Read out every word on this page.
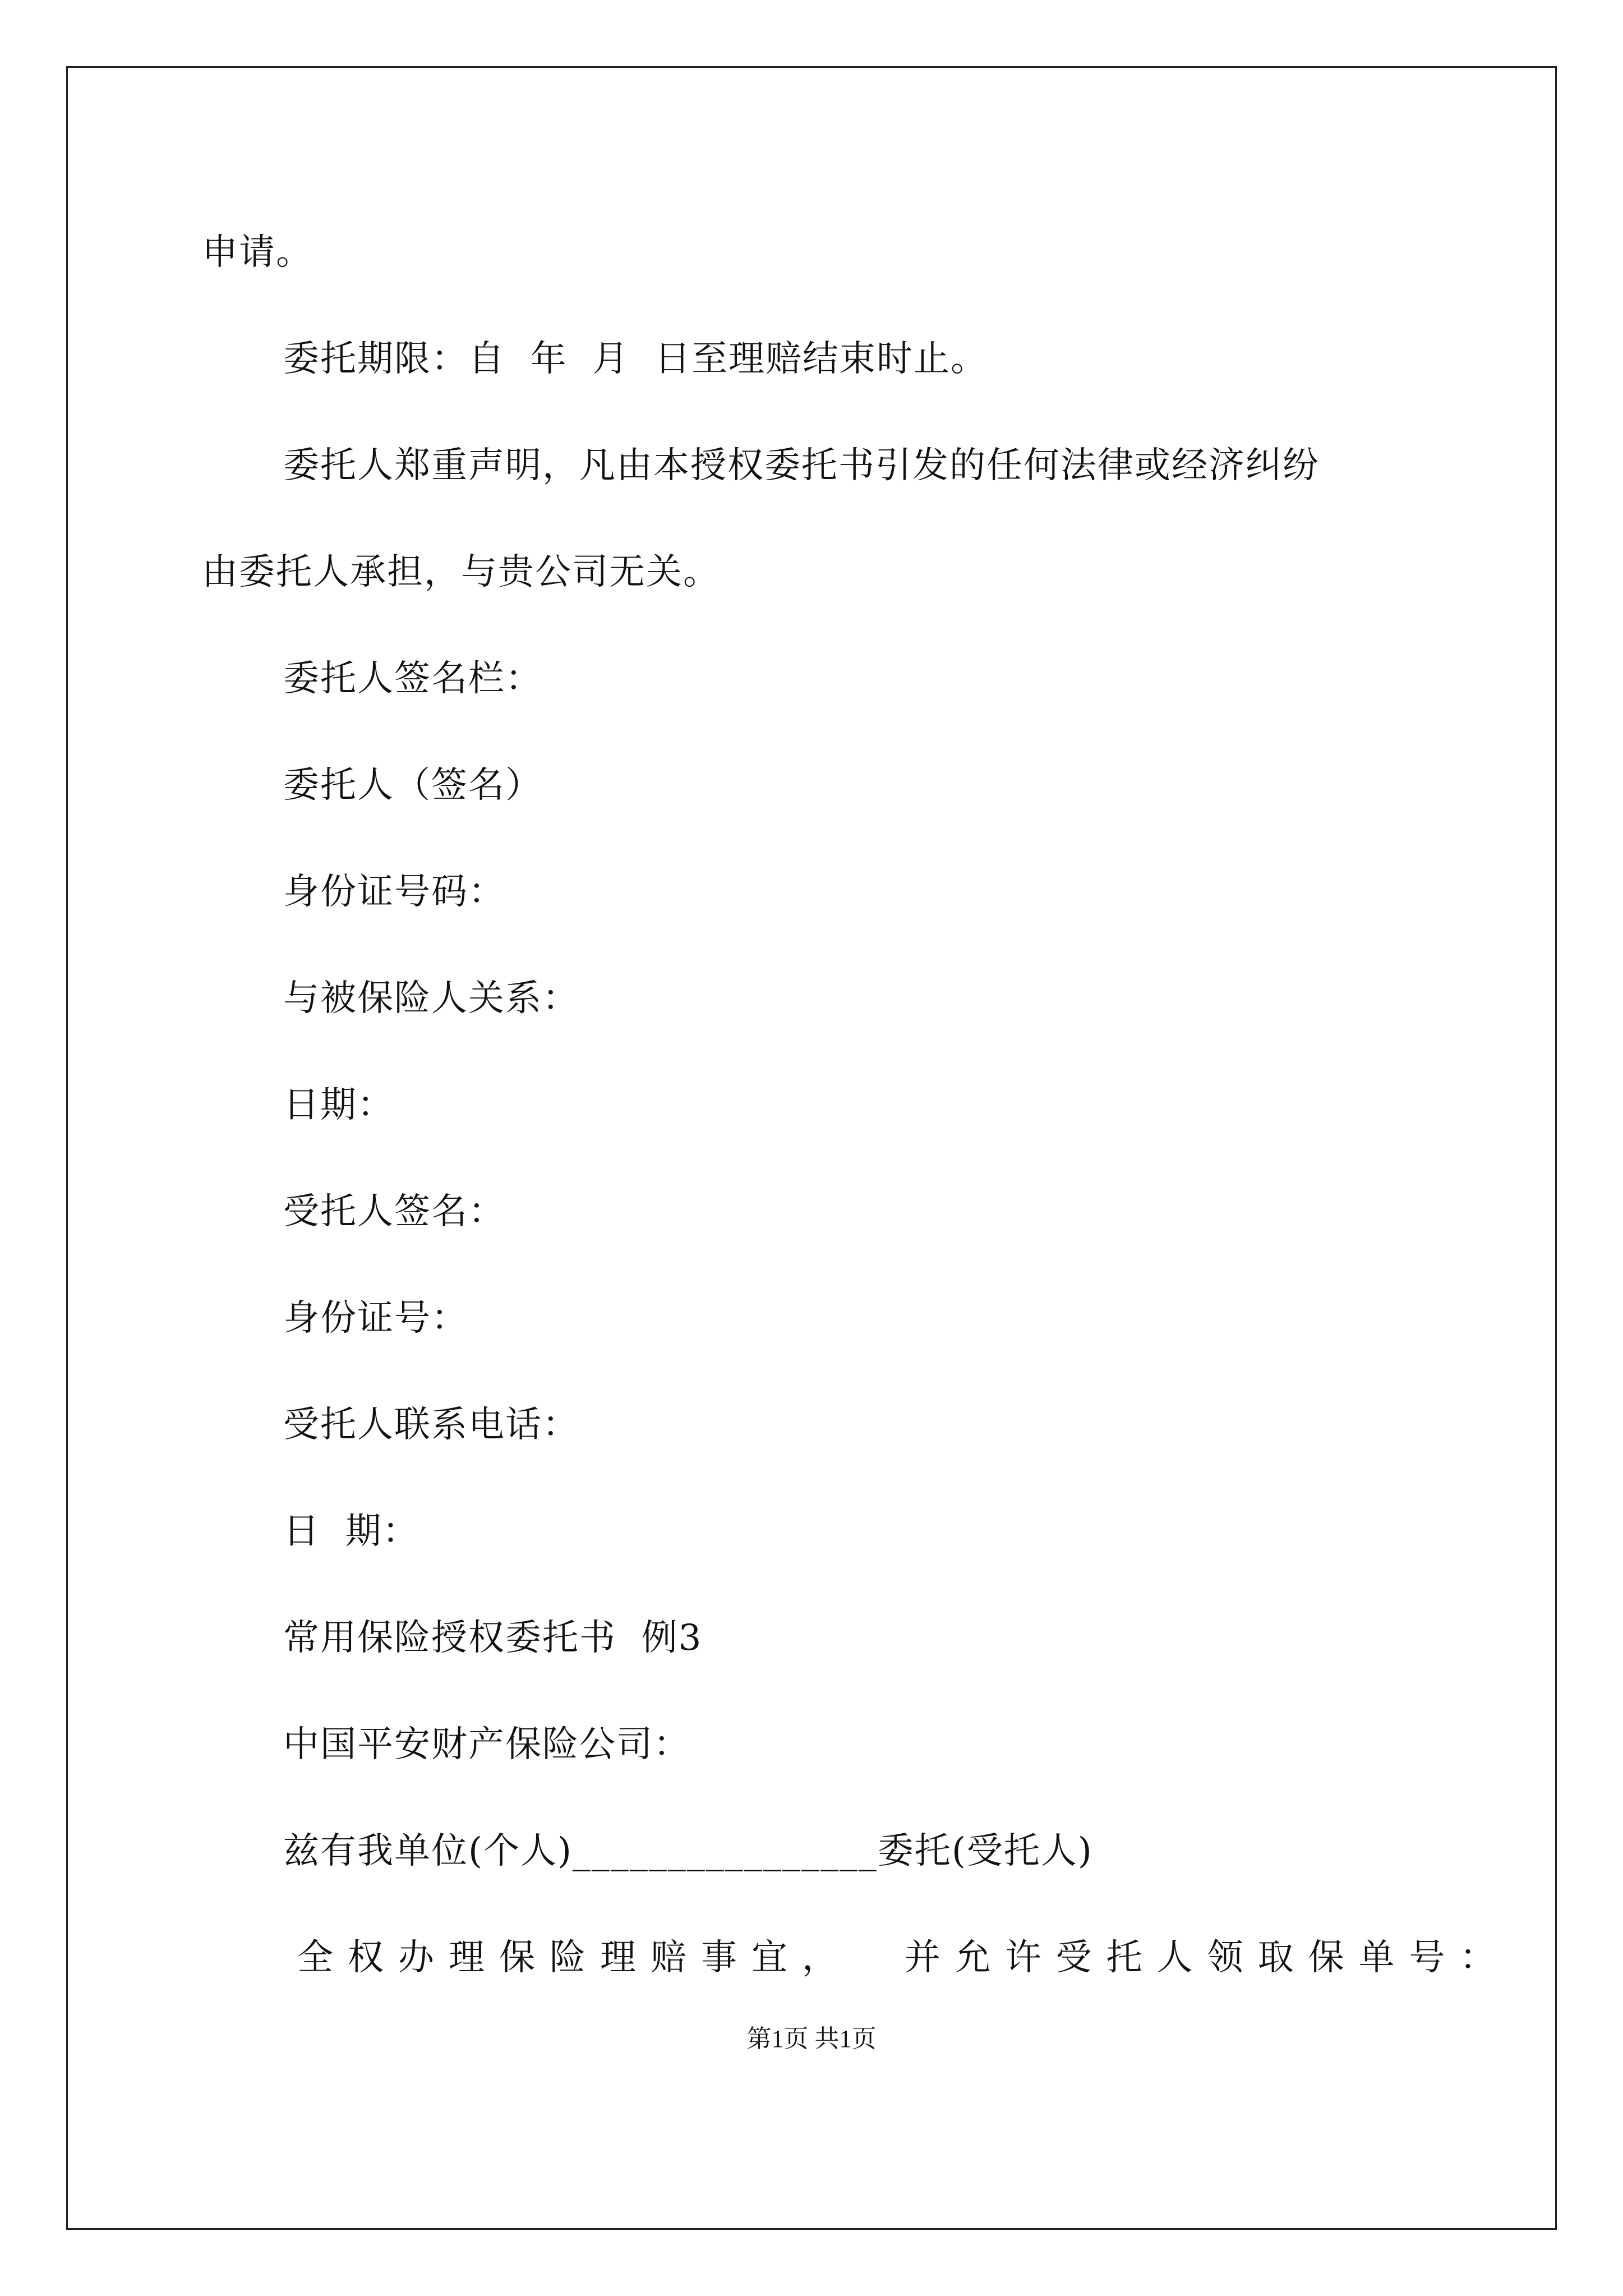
申请。
委托期限：自  年  月  日至理赔结束时止。
委托人郑重声明，凡由本授权委托书引发的任何法律或经济纠纷
由委托人承担，与贵公司无关。
委托人签名栏：
委托人（签名）
身份证号码：
与被保险人关系：
日期：
受托人签名：
身份证号：
受托人联系电话：
日  期：
常用保险授权委托书  例3
中国平安财产保险公司：
兹有我单位(个人)________________委托(受托人)
全权办理保险理赔事宜，  并允许受托人领取保单号：
第1页 共1页
